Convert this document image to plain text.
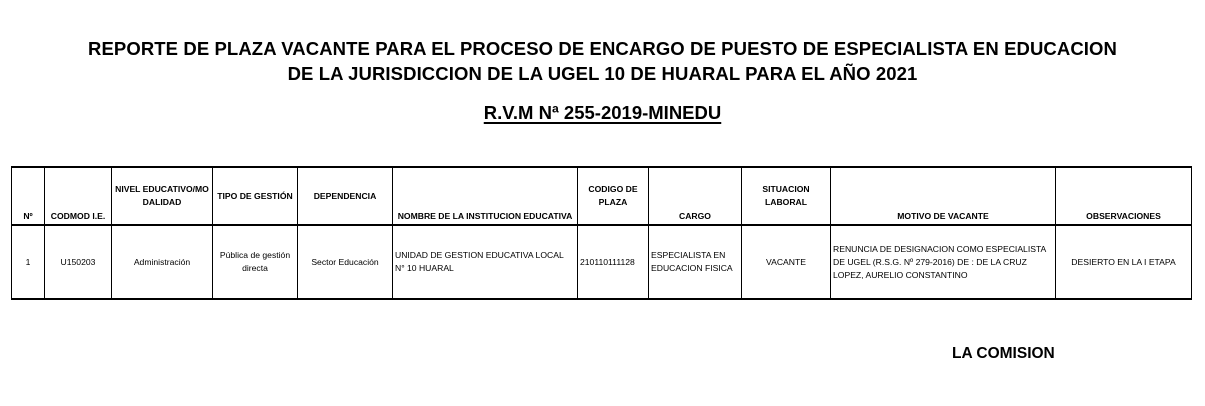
REPORTE DE PLAZA VACANTE PARA EL PROCESO DE ENCARGO DE PUESTO DE ESPECIALISTA EN EDUCACION
DE LA JURISDICCION DE LA UGEL 10 DE HUARAL PARA EL AÑO 2021
R.V.M Nª 255-2019-MINEDU
Nº	CODMOD I.E.	NIVEL EDUCATIVO/MODALIDAD	TIPO DE GESTIÓN	DEPENDENCIA	NOMBRE DE LA INSTITUCION EDUCATIVA	CODIGO DE PLAZA	CARGO	SITUACION LABORAL	MOTIVO DE VACANTE	OBSERVACIONES
1	U150203	Administración	Pública de gestión directa	Sector Educación	UNIDAD DE GESTION EDUCATIVA LOCAL N° 10 HUARAL	210110111128	ESPECIALISTA EN EDUCACION FISICA	VACANTE	RENUNCIA DE DESIGNACION COMO ESPECIALISTA DE UGEL (R.S.G. Nº 279-2016) DE : DE LA CRUZ LOPEZ, AURELIO CONSTANTINO	DESIERTO EN LA I ETAPA
LA COMISION
